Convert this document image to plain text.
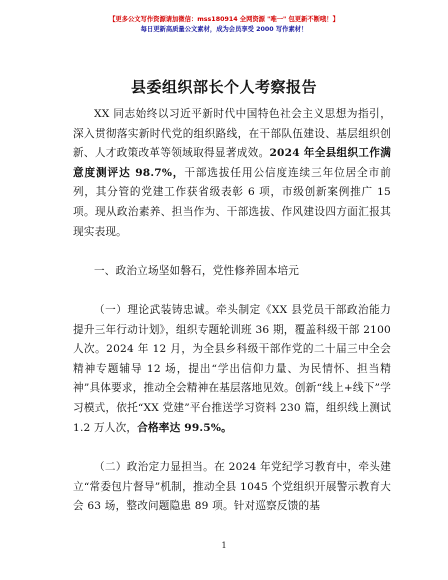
【更多公文写作资源请加微信：mss180914 全网资源 "唯一" 包更新不断哦！】
每日更新高质量公文素材，成为会员享受 2000 写作素材！
县委组织部长个人考察报告
XX 同志始终以习近平新时代中国特色社会主义思想为指引，深入贯彻落实新时代党的组织路线，在干部队伍建设、基层组织创新、人才政策改革等领域取得显著成效。2024 年全县组织工作满意度测评达 98.7%，干部选拔任用公信度连续三年位居全市前列，其分管的党建工作获省级表彰 6 项，市级创新案例推广 15 项。现从政治素养、担当作为、干部选拔、作风建设四方面汇报其现实表现。
一、政治立场坚如磐石，党性修养固本培元
（一）理论武装铸忠诚。牵头制定《XX 县党员干部政治能力提升三年行动计划》，组织专题轮训班 36 期，覆盖科级干部 2100 人次。2024 年 12 月，为全县乡科级干部作党的二十届三中全会精神专题辅导 12 场，提出“学出信仰力量、为民情怀、担当精神”具体要求，推动全会精神在基层落地见效。创新“线上+线下”学习模式，依托“XX 党建”平台推送学习资料 230 篇，组织线上测试 1.2 万人次，合格率达 99.5%。
（二）政治定力显担当。在 2024 年党纪学习教育中，牵头建立“常委包片督导”机制，推动全县 1045 个党组织开展警示教育大会 63 场，整改问题隐患 89 项。针对巡察反馈的基
1
